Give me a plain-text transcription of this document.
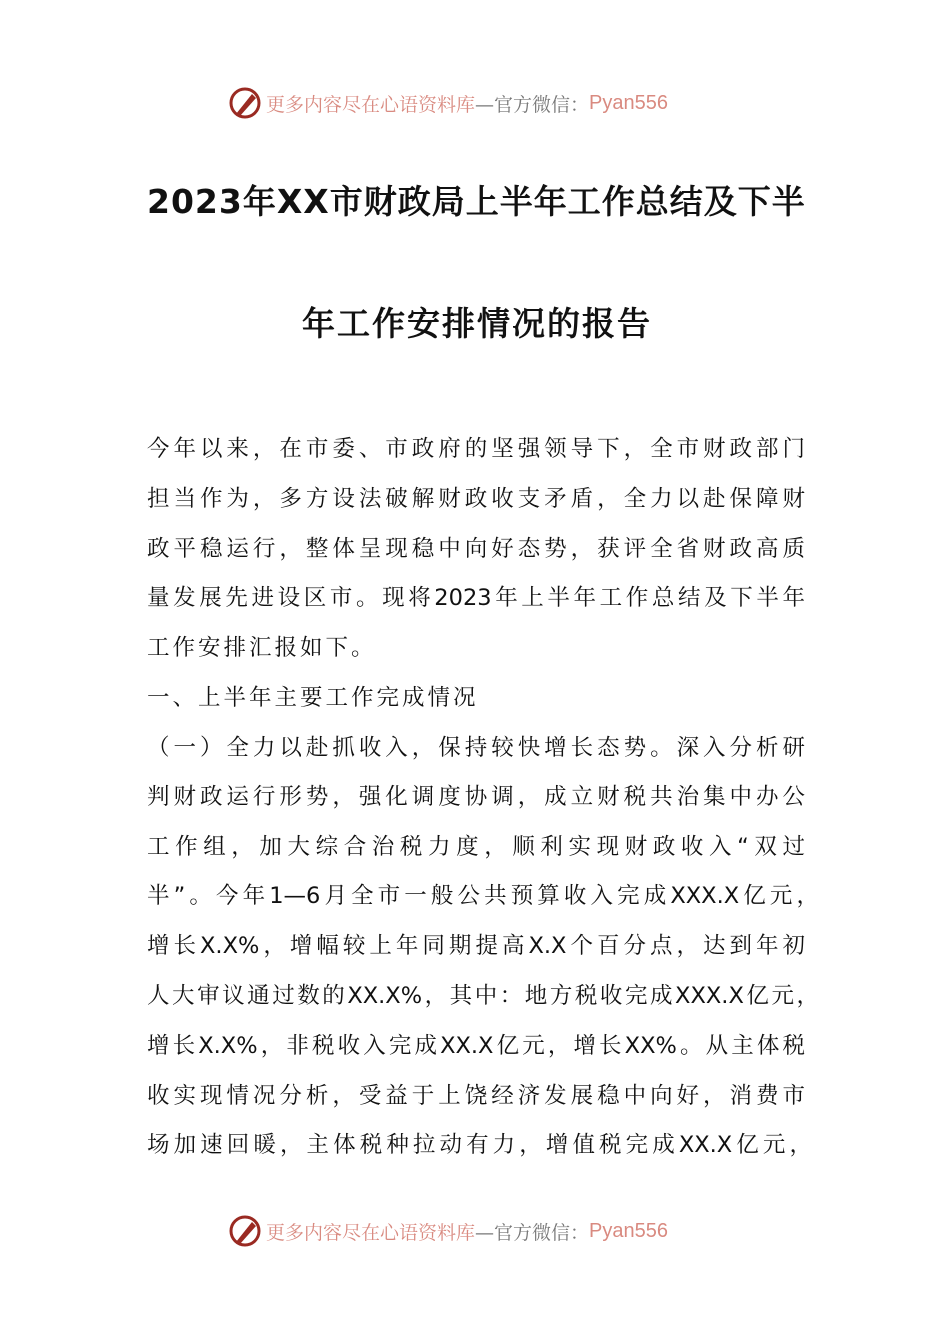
更多内容尽在心语资料库 —官方微信： Pyan556
2023年XX市财政局上半年工作总结及下半
年工作安排情况的报告
今年以来，在市委、市政府的坚强领导下，全市财政部门
担当作为，多方设法破解财政收支矛盾，全力以赴保障财
政平稳运行，整体呈现稳中向好态势，获评全省财政高质
量发展先进设区市。现将2023年上半年工作总结及下半年
工作安排汇报如下。
一、上半年主要工作完成情况
（一）全力以赴抓收入，保持较快增长态势。深入分析研
判财政运行形势，强化调度协调，成立财税共治集中办公
工作组，加大综合治税力度，顺利实现财政收入“双过
半”。今年1—6月全市一般公共预算收入完成XXX.X亿元，
增长X.X%，增幅较上年同期提高X.X个百分点，达到年初
人大审议通过数的XX.X%，其中：地方税收完成XXX.X亿元，
增长X.X%，非税收入完成XX.X亿元，增长XX%。从主体税
收实现情况分析，受益于上饶经济发展稳中向好，消费市
场加速回暖，主体税种拉动有力，增值税完成XX.X亿元，
更多内容尽在心语资料库 —官方微信： Pyan556
